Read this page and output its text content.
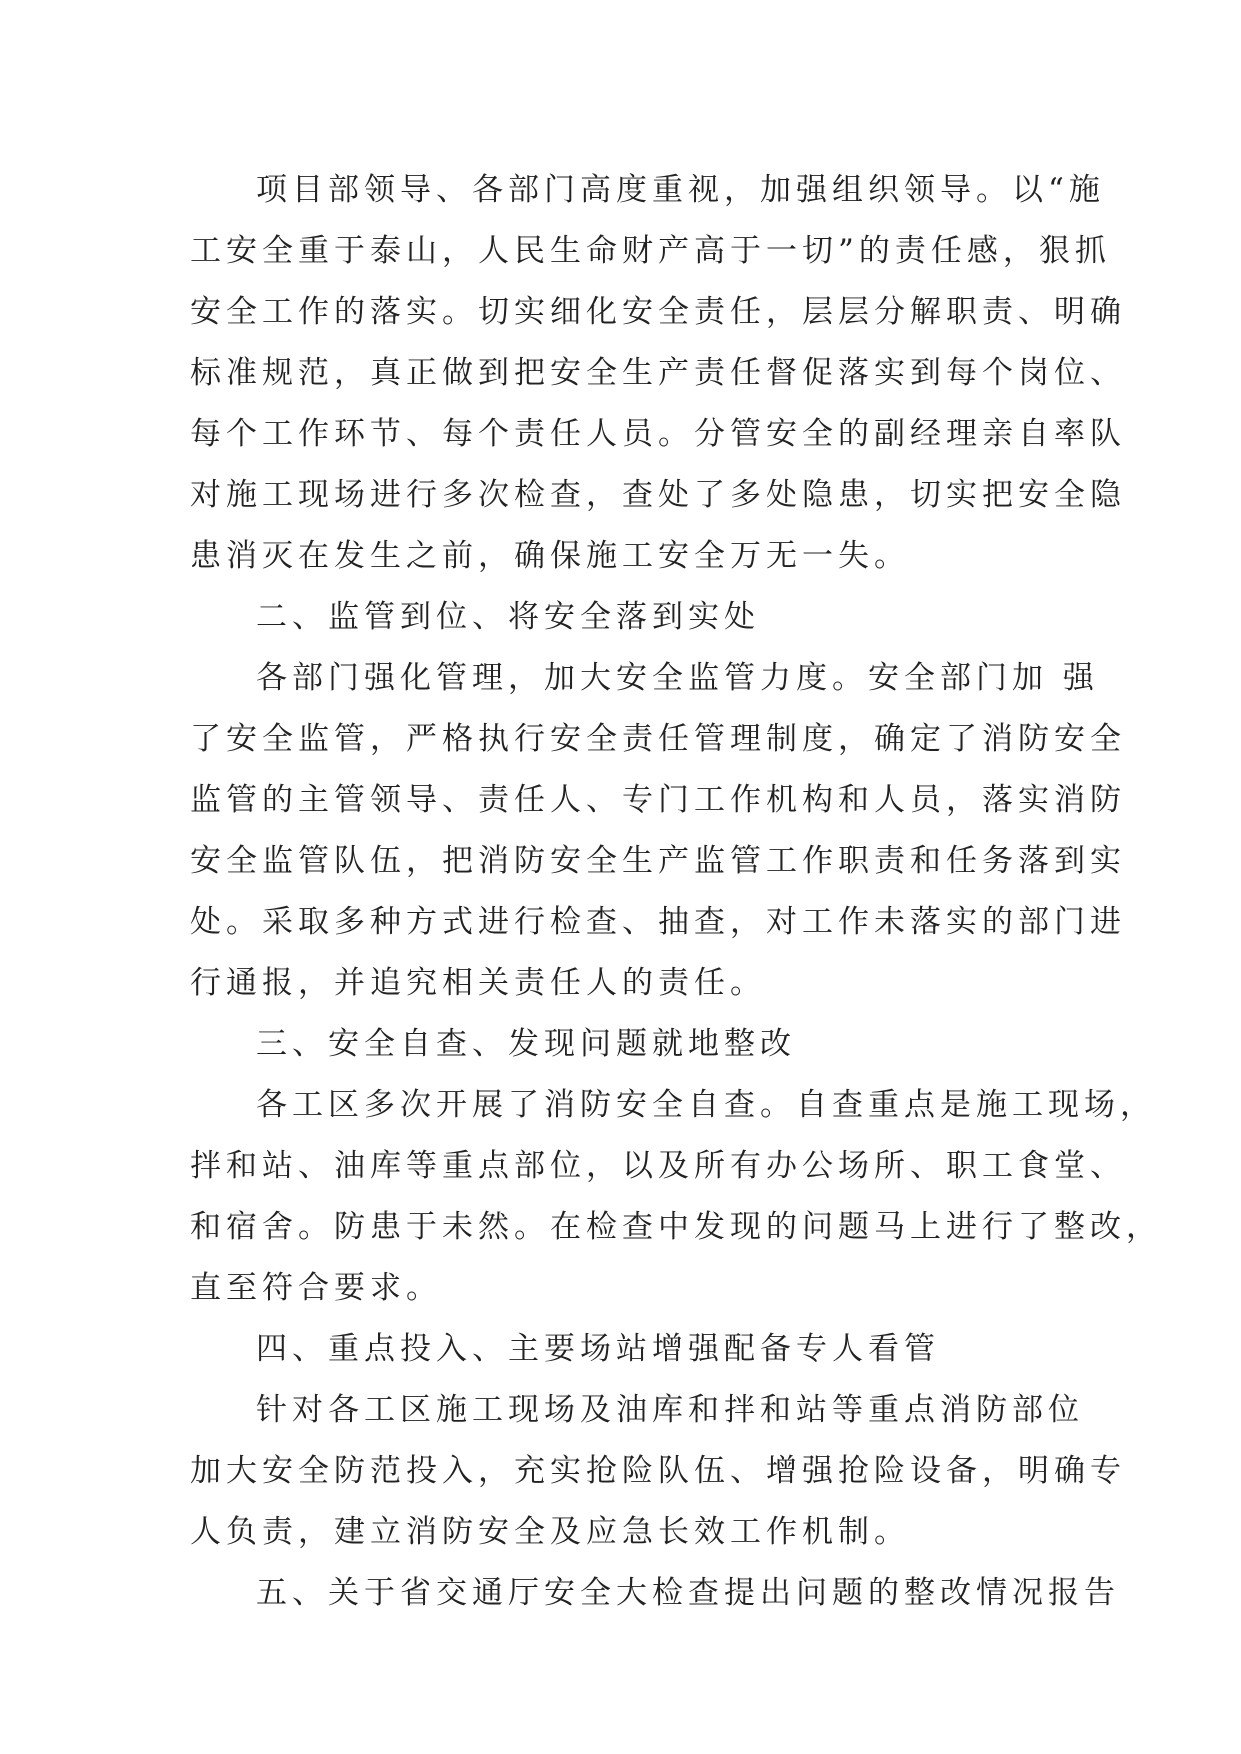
项目部领导、各部门高度重视，加强组织领导。以“施
工安全重于泰山，人民生命财产高于一切”的责任感，狠抓
安全工作的落实。切实细化安全责任，层层分解职责、明确
标准规范，真正做到把安全生产责任督促落实到每个岗位、
每个工作环节、每个责任人员。分管安全的副经理亲自率队
对施工现场进行多次检查，查处了多处隐患，切实把安全隐
患消灭在发生之前，确保施工安全万无一失。
二、监管到位、将安全落到实处
各部门强化管理，加大安全监管力度。安全部门加 强
了安全监管，严格执行安全责任管理制度，确定了消防安全
监管的主管领导、责任人、专门工作机构和人员，落实消防
安全监管队伍，把消防安全生产监管工作职责和任务落到实
处。采取多种方式进行检查、抽查，对工作未落实的部门进
行通报，并追究相关责任人的责任。
三、安全自查、发现问题就地整改
各工区多次开展了消防安全自查。自查重点是施工现场，
拌和站、油库等重点部位，以及所有办公场所、职工食堂、
和宿舍。防患于未然。在检查中发现的问题马上进行了整改，
直至符合要求。
四、重点投入、主要场站增强配备专人看管
针对各工区施工现场及油库和拌和站等重点消防部位
加大安全防范投入，充实抢险队伍、增强抢险设备，明确专
人负责，建立消防安全及应急长效工作机制。
五、关于省交通厅安全大检查提出问题的整改情况报告
